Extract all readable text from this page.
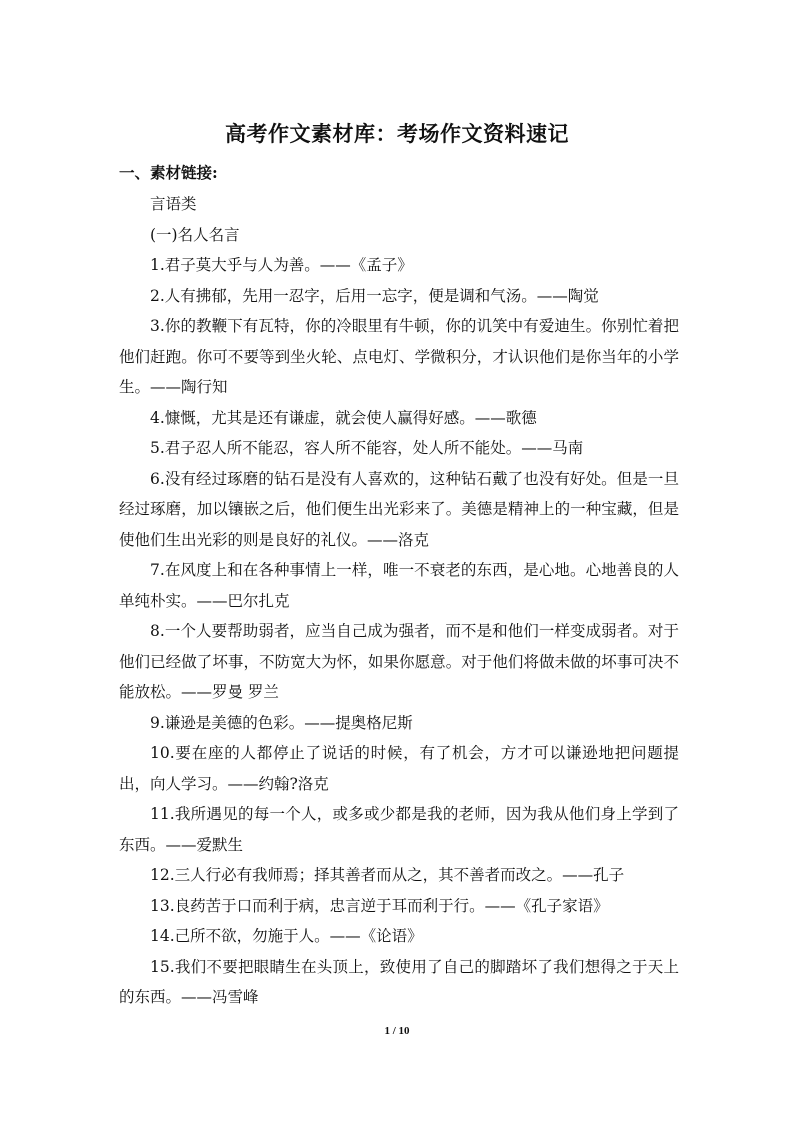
高考作文素材库：考场作文资料速记
一、素材链接:

言语类

(一)名人名言

1.君子莫大乎与人为善。——《孟子》

2.人有拂郁，先用一忍字，后用一忘字，便是调和气汤。——陶觉

3.你的教鞭下有瓦特，你的冷眼里有牛顿，你的讥笑中有爱迪生。你别忙着把他们赶跑。你可不要等到坐火轮、点电灯、学微积分，才认识他们是你当年的小学生。——陶行知

4.慷慨，尤其是还有谦虚，就会使人赢得好感。——歌德

5.君子忍人所不能忍，容人所不能容，处人所不能处。——马南

6.没有经过琢磨的钻石是没有人喜欢的，这种钻石戴了也没有好处。但是一旦经过琢磨，加以镶嵌之后，他们便生出光彩来了。美德是精神上的一种宝藏，但是使他们生出光彩的则是良好的礼仪。——洛克

7.在风度上和在各种事情上一样，唯一不衰老的东西，是心地。心地善良的人单纯朴实。——巴尔扎克

8.一个人要帮助弱者，应当自己成为强者，而不是和他们一样变成弱者。对于他们已经做了坏事，不防宽大为怀，如果你愿意。对于他们将做未做的坏事可决不能放松。——罗曼 罗兰

9.谦逊是美德的色彩。——提奥格尼斯

10.要在座的人都停止了说话的时候，有了机会，方才可以谦逊地把问题提出，向人学习。——约翰?洛克

11.我所遇见的每一个人，或多或少都是我的老师，因为我从他们身上学到了东西。——爱默生

12.三人行必有我师焉；择其善者而从之，其不善者而改之。——孔子

13.良药苦于口而利于病，忠言逆于耳而利于行。——《孔子家语》

14.己所不欲，勿施于人。——《论语》

15.我们不要把眼睛生在头顶上，致使用了自己的脚踏坏了我们想得之于天上的东西。——冯雪峰

1 / 10
